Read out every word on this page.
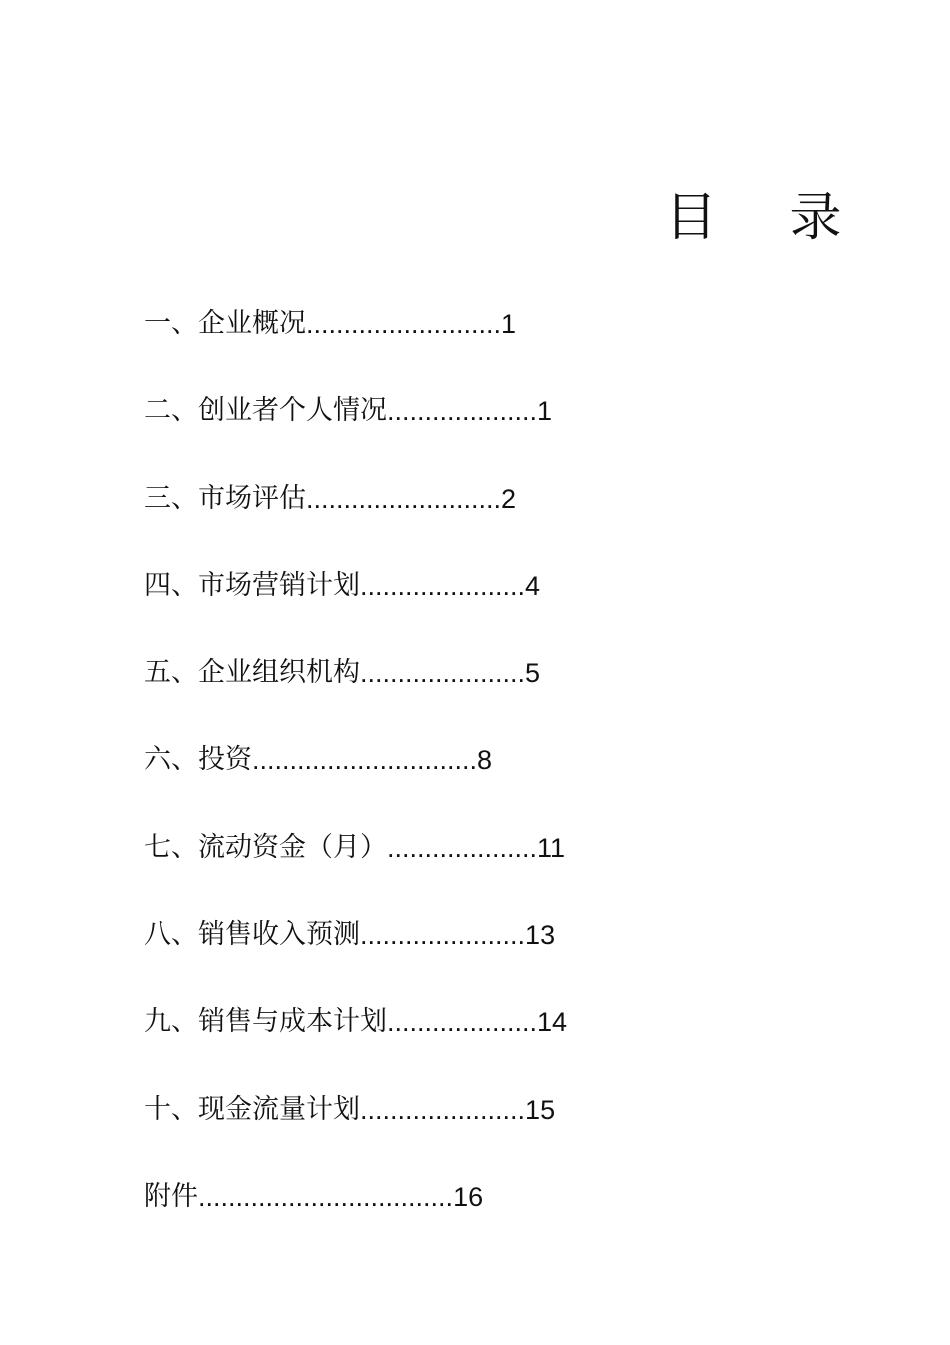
目 录
一、企业概况 .......................... 1
二、创业者个人情况 .................... 1
三、市场评估 .......................... 2
四、市场营销计划 ...................... 4
五、企业组织机构 ...................... 5
六、投资 .............................. 8
七、流动资金（月） .................... 11
八、销售收入预测 ...................... 13
九、销售与成本计划 .................... 14
十、现金流量计划 ...................... 15
附件 .................................. 16
